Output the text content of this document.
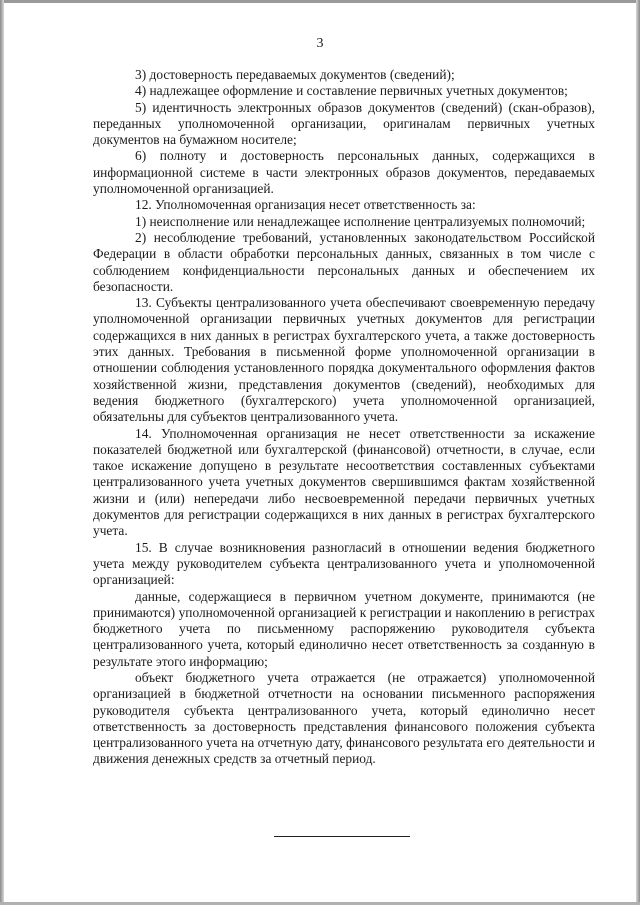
3

3) достоверность передаваемых документов (сведений);

4) надлежащее оформление и составление первичных учетных документов;

5) идентичность электронных образов документов (сведений) (скан-образов), переданных уполномоченной организации, оригиналам первичных учетных документов на бумажном носителе;

6) полноту и достоверность персональных данных, содержащихся в информационной системе в части электронных образов документов, передаваемых уполномоченной организацией.

12. Уполномоченная организация несет ответственность за:

1) неисполнение или ненадлежащее исполнение централизуемых полномочий;

2) несоблюдение требований, установленных законодательством Российской Федерации в области обработки персональных данных, связанных в том числе с соблюдением конфиденциальности персональных данных и обеспечением их безопасности.

13. Субъекты централизованного учета обеспечивают своевременную передачу уполномоченной организации первичных учетных документов для регистрации содержащихся в них данных в регистрах бухгалтерского учета, а также достоверность этих данных. Требования в письменной форме уполномоченной организации в отношении соблюдения установленного порядка документального оформления фактов хозяйственной жизни, представления документов (сведений), необходимых для ведения бюджетного (бухгалтерского) учета уполномоченной организацией, обязательны для субъектов централизованного учета.

14. Уполномоченная организация не несет ответственности за искажение показателей бюджетной или бухгалтерской (финансовой) отчетности, в случае, если такое искажение допущено в результате несоответствия составленных субъектами централизованного учета учетных документов свершившимся фактам хозяйственной жизни и (или) непередачи либо несвоевременной передачи первичных учетных документов для регистрации содержащихся в них данных в регистрах бухгалтерского учета.

15. В случае возникновения разногласий в отношении ведения бюджетного учета между руководителем субъекта централизованного учета и уполномоченной организацией:

данные, содержащиеся в первичном учетном документе, принимаются (не принимаются) уполномоченной организацией к регистрации и накоплению в регистрах бюджетного учета по письменному распоряжению руководителя субъекта централизованного учета, который единолично несет ответственность за созданную в результате этого информацию;

объект бюджетного учета отражается (не отражается) уполномоченной организацией в бюджетной отчетности на основании письменного распоряжения руководителя субъекта централизованного учета, который единолично несет ответственность за достоверность представления финансового положения субъекта централизованного учета на отчетную дату, финансового результата его деятельности и движения денежных средств за отчетный период.
